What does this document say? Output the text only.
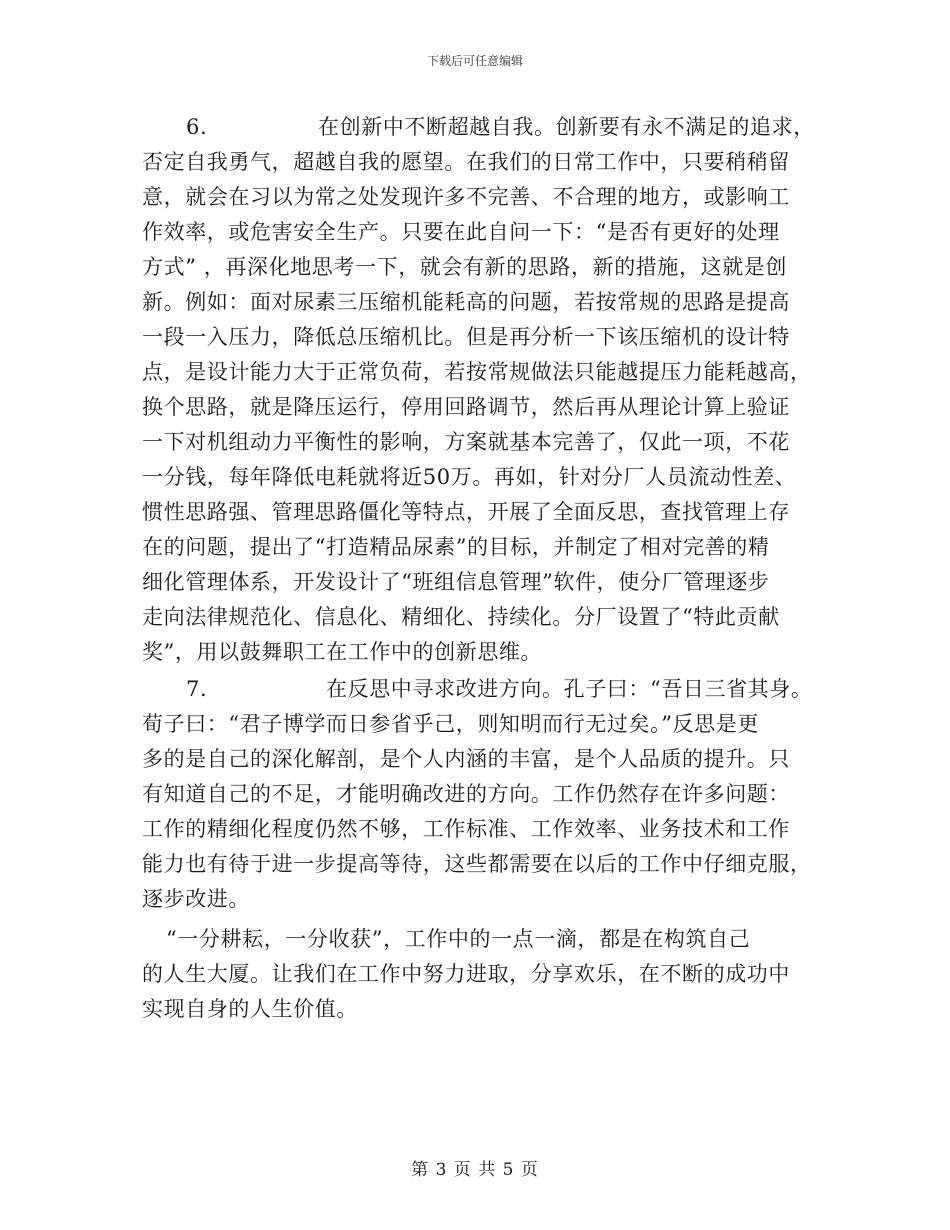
下载后可任意编辑
6.	在创新中不断超越自我。创新要有永不满足的追求，
否定自我勇气，超越自我的愿望。在我们的日常工作中，只要稍稍留
意，就会在习以为常之处发现许多不完善、不合理的地方，或影响工
作效率，或危害安全生产。只要在此自问一下：“是否有更好的处理
方式” ，再深化地思考一下，就会有新的思路，新的措施，这就是创
新。例如：面对尿素三压缩机能耗高的问题，若按常规的思路是提高
一段一入压力，降低总压缩机比。但是再分析一下该压缩机的设计特
点，是设计能力大于正常负荷，若按常规做法只能越提压力能耗越高，
换个思路，就是降压运行，停用回路调节，然后再从理论计算上验证
一下对机组动力平衡性的影响，方案就基本完善了，仅此一项，不花
一分钱，每年降低电耗就将近50万。再如，针对分厂人员流动性差、
惯性思路强、管理思路僵化等特点，开展了全面反思，查找管理上存
在的问题，提出了“打造精品尿素”的目标，并制定了相对完善的精
细化管理体系，开发设计了“班组信息管理”软件，使分厂管理逐步
走向法律规范化、信息化、精细化、持续化。分厂设置了“特此贡献
奖”，用以鼓舞职工在工作中的创新思维。
7.	在反思中寻求改进方向。孔子曰：“吾日三省其身。
荀子曰：“君子博学而日参省乎己，则知明而行无过矣。”反思是更
多的是自己的深化解剖，是个人内涵的丰富，是个人品质的提升。只
有知道自己的不足，才能明确改进的方向。工作仍然存在许多问题：
工作的精细化程度仍然不够，工作标准、工作效率、业务技术和工作
能力也有待于进一步提高等待，这些都需要在以后的工作中仔细克服，
逐步改进。
“一分耕耘，一分收获”，工作中的一点一滴，都是在构筑自己
的人生大厦。让我们在工作中努力进取，分享欢乐，在不断的成功中
实现自身的人生价值。
第 3 页 共 5 页
